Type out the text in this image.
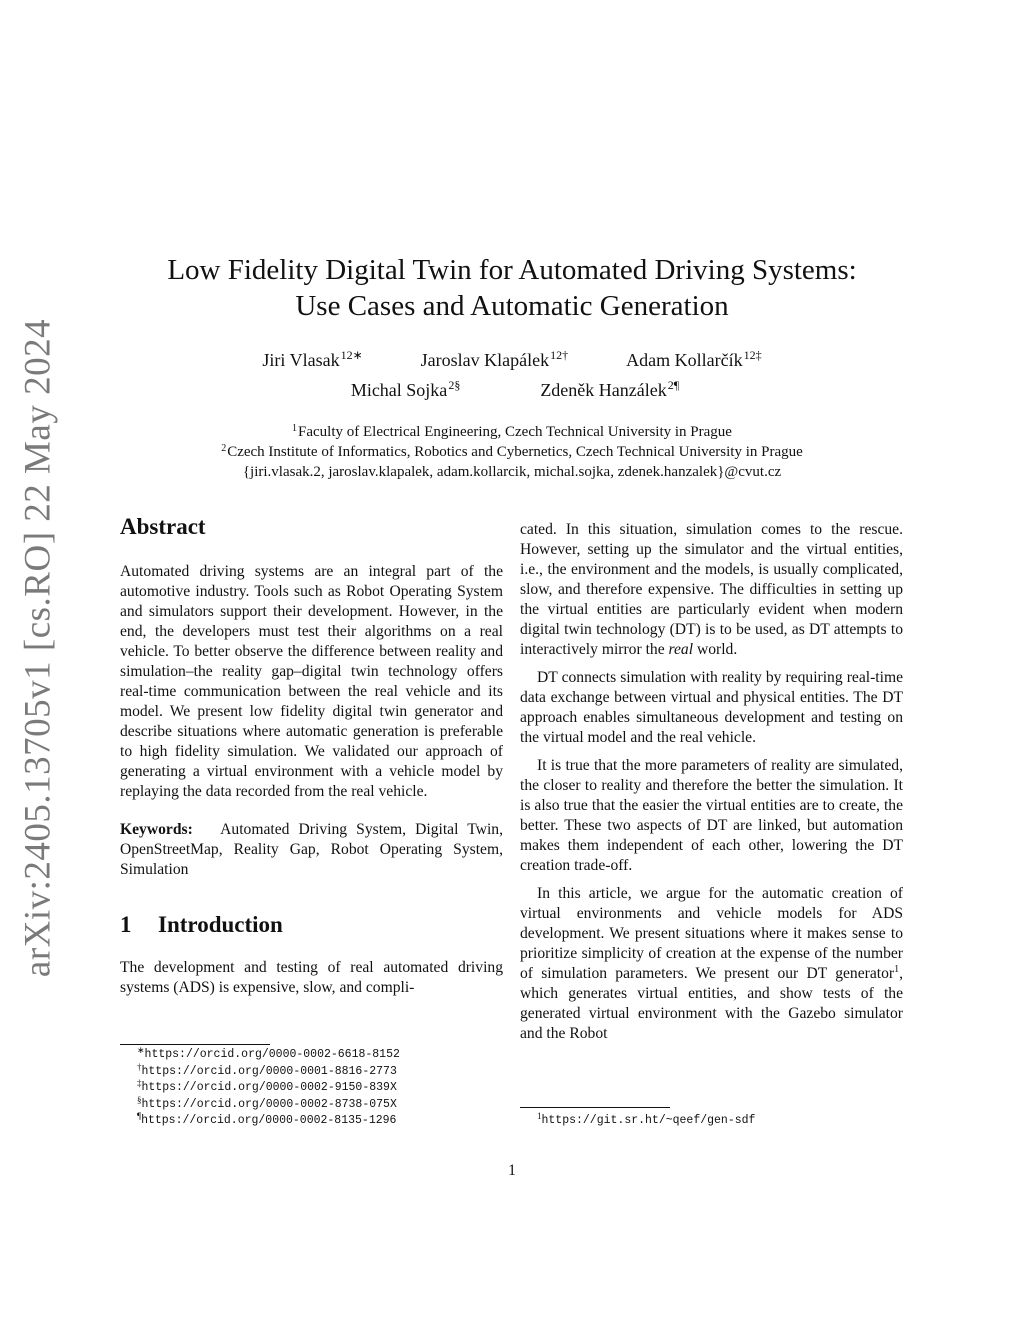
arXiv:2405.13705v1 [cs.RO] 22 May 2024
Low Fidelity Digital Twin for Automated Driving Systems:
Use Cases and Automatic Generation
Jiri Vlasak$^{12∗}$	Jaroslav Klapálek$^{12\dagger}$	Adam Kollarčík$^{12\ddagger}$
Michal Sojka$^{2\S}$	Zdeněk Hanzálek$^{2\P}$
$^1$Faculty of Electrical Engineering, Czech Technical University in Prague
$^2$Czech Institute of Informatics, Robotics and Cybernetics, Czech Technical University in Prague
{jiri.vlasak.2, jaroslav.klapalek, adam.kollarcik, michal.sojka, zdenek.hanzalek}@cvut.cz
Abstract

Automated driving systems are an integral part of the automotive industry. Tools such as Robot Operating System and simulators support their development. However, in the end, the developers must test their algorithms on a real vehicle. To better observe the difference between reality and simulation–the reality gap–digital twin technology offers real-time communication between the real vehicle and its model. We present low fidelity digital twin generator and describe situations where automatic generation is preferable to high fidelity simulation. We validated our approach of generating a virtual environment with a vehicle model by replaying the data recorded from the real vehicle.

Keywords: Automated Driving System, Digital Twin, OpenStreetMap, Reality Gap, Robot Operating System, Simulation

1 Introduction

The development and testing of real automated driving systems (ADS) is expensive, slow, and compli-

∗https://orcid.org/0000-0002-6618-8152
†https://orcid.org/0000-0001-8816-2773
‡https://orcid.org/0000-0002-9150-839X
§https://orcid.org/0000-0002-8738-075X
¶https://orcid.org/0000-0002-8135-1296

cated. In this situation, simulation comes to the rescue. However, setting up the simulator and the virtual entities, i.e., the environment and the models, is usually complicated, slow, and therefore expensive. The difficulties in setting up the virtual entities are particularly evident when modern digital twin technology (DT) is to be used, as DT attempts to interactively mirror the real world.

DT connects simulation with reality by requiring real-time data exchange between virtual and physical entities. The DT approach enables simultaneous development and testing on the virtual model and the real vehicle.

It is true that the more parameters of reality are simulated, the closer to reality and therefore the better the simulation. It is also true that the easier the virtual entities are to create, the better. These two aspects of DT are linked, but automation makes them independent of each other, lowering the DT creation trade-off.

In this article, we argue for the automatic creation of virtual environments and vehicle models for ADS development. We present situations where it makes sense to prioritize simplicity of creation at the expense of the number of simulation parameters. We present our DT generator$^1$, which generates virtual entities, and show tests of the generated virtual environment with the Gazebo simulator and the Robot

$^1$https://git.sr.ht/~qeef/gen-sdf
1
